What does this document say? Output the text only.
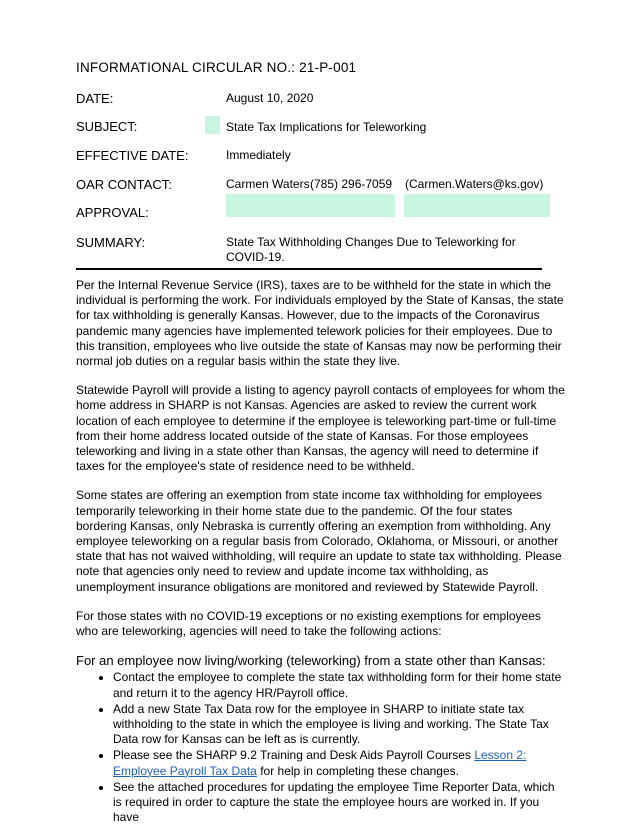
INFORMATIONAL CIRCULAR NO.: 21-P-001
DATE:	August 10, 2020
SUBJECT:	State Tax Implications for Teleworking
EFFECTIVE DATE:	Immediately
OAR CONTACT:	Carmen Waters (785) 296-7059 (Carmen.Waters@ks.gov)
APPROVAL:
SUMMARY:	State Tax Withholding Changes Due to Teleworking for COVID-19.

Per the Internal Revenue Service (IRS), taxes are to be withheld for the state in which the individual is performing the work. For individuals employed by the State of Kansas, the state for tax withholding is generally Kansas. However, due to the impacts of the Coronavirus pandemic many agencies have implemented telework policies for their employees. Due to this transition, employees who live outside the state of Kansas may now be performing their normal job duties on a regular basis within the state they live.

Statewide Payroll will provide a listing to agency payroll contacts of employees for whom the home address in SHARP is not Kansas. Agencies are asked to review the current work location of each employee to determine if the employee is teleworking part-time or full-time from their home address located outside of the state of Kansas. For those employees teleworking and living in a state other than Kansas, the agency will need to determine if taxes for the employee's state of residence need to be withheld.

Some states are offering an exemption from state income tax withholding for employees temporarily teleworking in their home state due to the pandemic. Of the four states bordering Kansas, only Nebraska is currently offering an exemption from withholding. Any employee teleworking on a regular basis from Colorado, Oklahoma, or Missouri, or another state that has not waived withholding, will require an update to state tax withholding. Please note that agencies only need to review and update income tax withholding, as unemployment insurance obligations are monitored and reviewed by Statewide Payroll.

For those states with no COVID-19 exceptions or no existing exemptions for employees who are teleworking, agencies will need to take the following actions:

For an employee now living/working (teleworking) from a state other than Kansas:

• Contact the employee to complete the state tax withholding form for their home state and return it to the agency HR/Payroll office.
• Add a new State Tax Data row for the employee in SHARP to initiate state tax withholding to the state in which the employee is living and working. The State Tax Data row for Kansas can be left as is currently.
• Please see the SHARP 9.2 Training and Desk Aids Payroll Courses Lesson 2: Employee Payroll Tax Data for help in completing these changes.
• See the attached procedures for updating the employee Time Reporter Data, which is required in order to capture the state the employee hours are worked in. If you have
